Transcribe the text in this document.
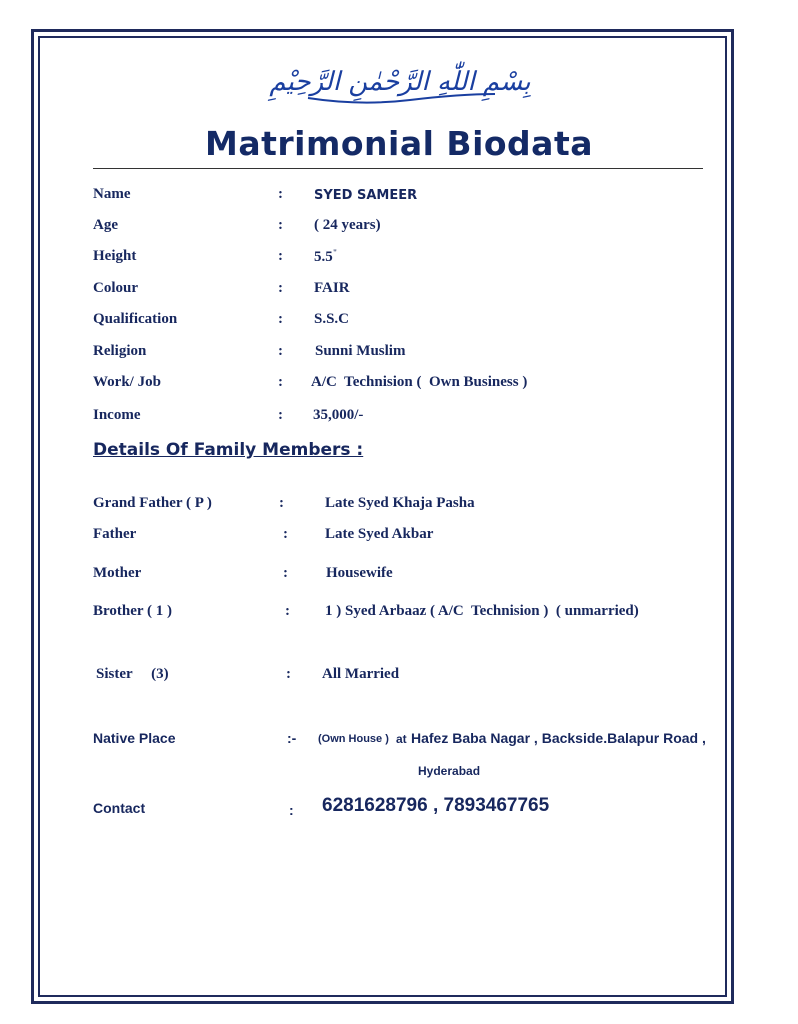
بِسْمِ اللّٰهِ الرَّحْمٰنِ الرَّحِيْمِ
Matrimonial Biodata
Name	: SYED SAMEER
Age	: ( 24 years)
Height	: 5.5"
Colour	: FAIR
Qualification	: S.S.C
Religion	: Sunni Muslim
Work/ Job	: A/C  Technision (  Own Business )
Income	: 35,000/-
Details Of Family Members :
Grand Father ( P )	:	Late Syed Khaja Pasha
Father	: Late Syed Akbar
Mother	:	Housewife
Brother ( 1 )	: 1 ) Syed Arbaaz ( A/C  Technision )  ( unmarried)
Sister     (3)	: All Married
Native Place	:- (Own House ) at Hafez Baba Nagar , Backside.Balapur Road ,
Hyderabad
Contact	: 6281628796 , 7893467765
